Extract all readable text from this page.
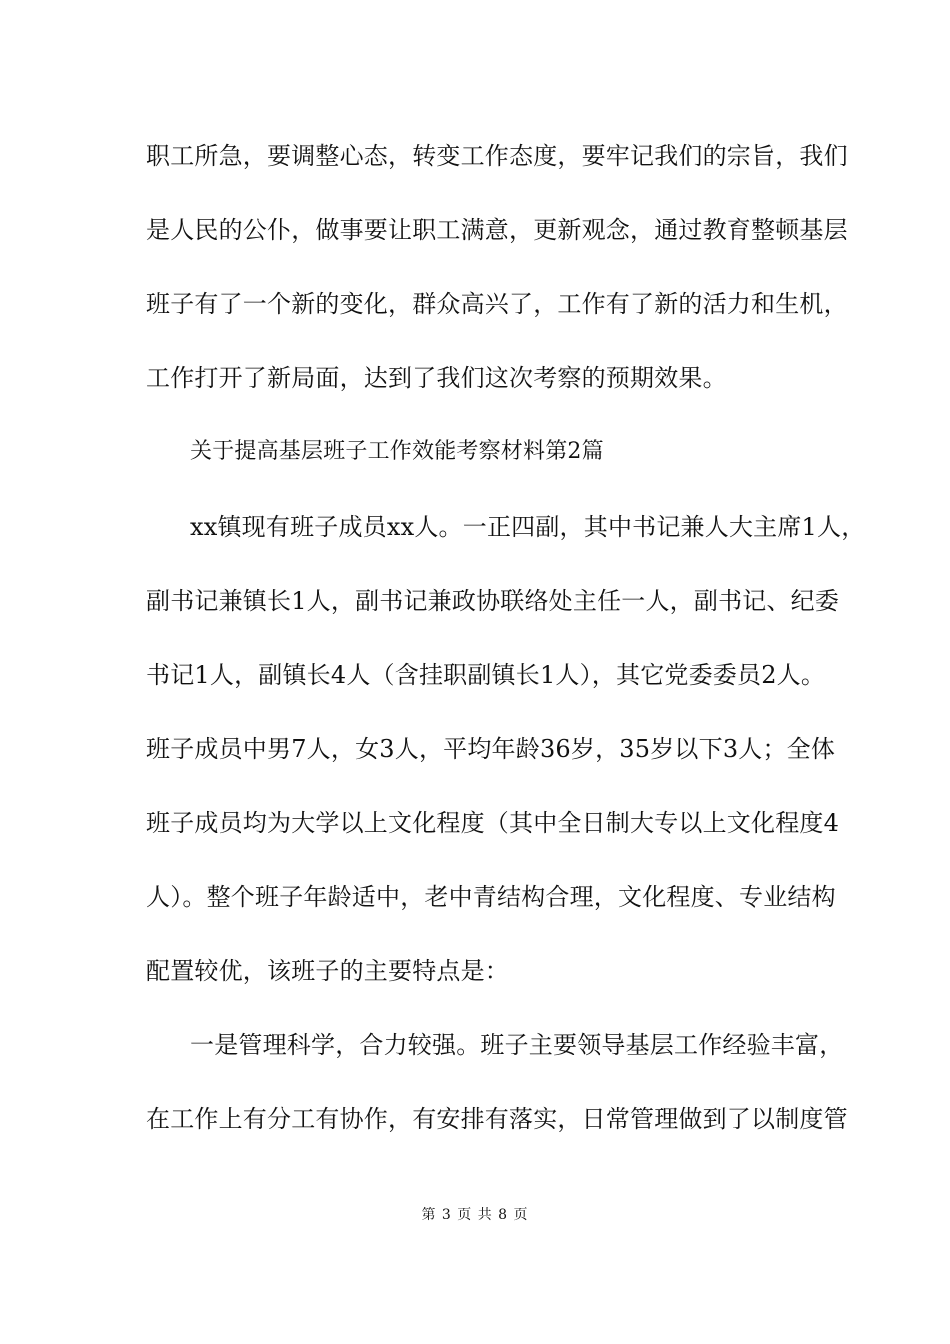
职工所急，要调整心态，转变工作态度，要牢记我们的宗旨，我们
是人民的公仆，做事要让职工满意，更新观念，通过教育整顿基层
班子有了一个新的变化，群众高兴了，工作有了新的活力和生机，
工作打开了新局面，达到了我们这次考察的预期效果。
关于提高基层班子工作效能考察材料第2篇
xx镇现有班子成员xx人。一正四副，其中书记兼人大主席1人，
副书记兼镇长1人，副书记兼政协联络处主任一人，副书记、纪委
书记1人，副镇长4人（含挂职副镇长1人），其它党委委员2人。
班子成员中男7人，女3人，平均年龄36岁，35岁以下3人；全体
班子成员均为大学以上文化程度（其中全日制大专以上文化程度4
人）。整个班子年龄适中，老中青结构合理，文化程度、专业结构
配置较优，该班子的主要特点是：
一是管理科学，合力较强。班子主要领导基层工作经验丰富，
在工作上有分工有协作，有安排有落实，日常管理做到了以制度管
第 3 页 共 8 页
